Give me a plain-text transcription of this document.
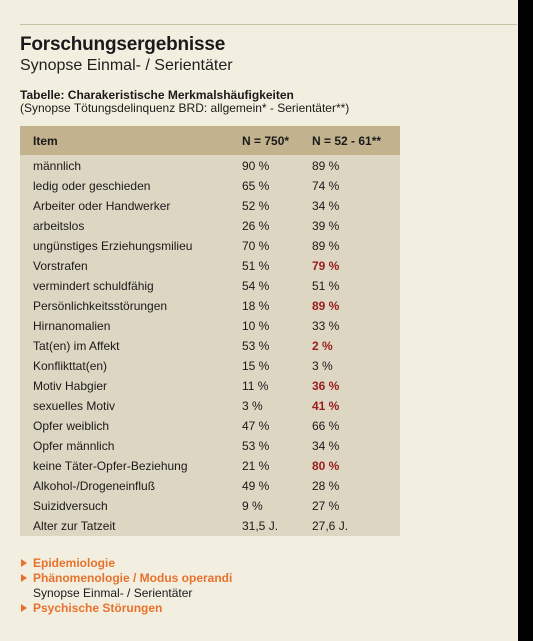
Forschungsergebnisse
Synopse Einmal- / Serientäter
Tabelle: Charakeristische Merkmalshäufigkeiten
(Synopse Tötungsdelinquenz BRD: allgemein* - Serientäter**)
Item	N = 750* N = 52 - 61**
männlich	90 %	89 %
ledig oder geschieden	65 %	74 %
Arbeiter oder Handwerker	52 %	34 %
arbeitslos	26 %	39 %
ungünstiges Erziehungsmilieu	70 %	89 %
Vorstrafen	51 %	79 %
vermindert schuldfähig	54 %	51 %
Persönlichkeitsstörungen	18 %	89 %
Hirnanomalien	10 %	33 %
Tat(en) im Affekt	53 %	2 %
Konflikttat(en)	15 %	3 %
Motiv Habgier	11 %	36 %
sexuelles Motiv	3 %	41 %
Opfer weiblich	47 %	66 %
Opfer männlich	53 %	34 %
keine Täter-Opfer-Beziehung	21 %	80 %
Alkohol-/Drogeneinfluß	49 %	28 %
Suizidversuch	9 %	27 %
Alter zur Tatzeit	31,5 J.	27,6 J.
Epidemiologie
Phänomenologie / Modus operandi
Synopse Einmal- / Serientäter
Psychische Störungen
